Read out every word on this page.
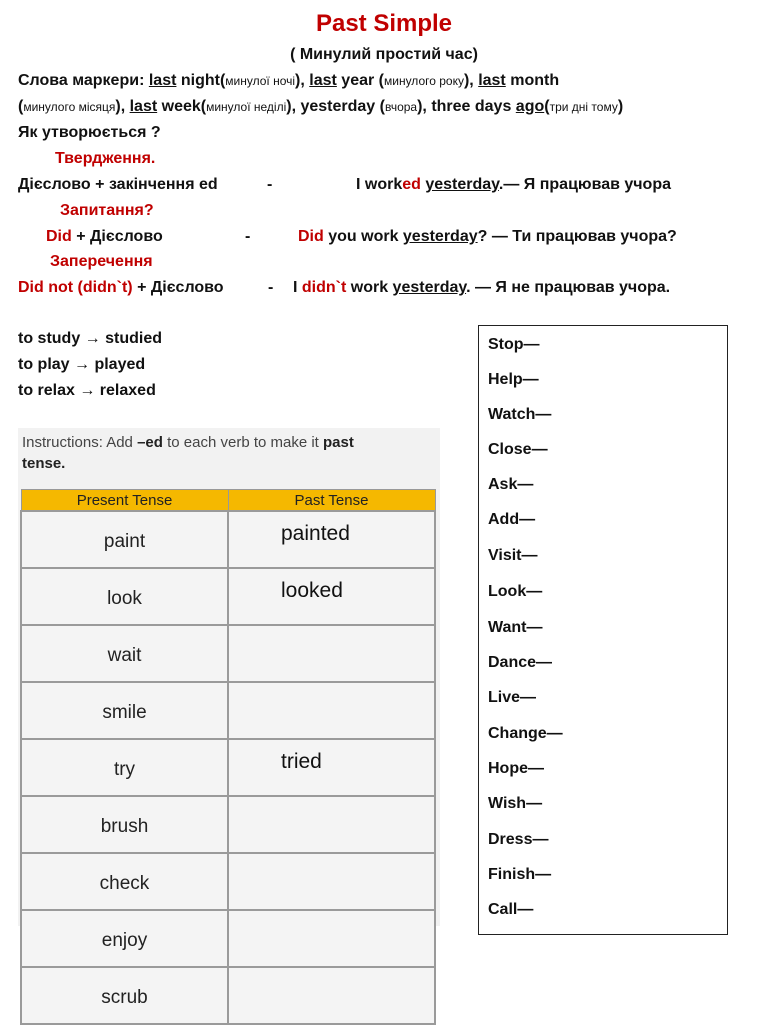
Past Simple
( Минулий простий час)
Слова маркери: last night(минулої ночі), last year (минулого року), last month
(минулого місяця), last week(минулої неділі), yesterday (вчора), three days ago(три дні тому)
Як утворюється ?
Твердження.
Дієслово + закінчення ed	-	I worked yesterday.— Я працював учора
Запитання?
Did + Дієслово	-	Did you work yesterday? — Ти працював учора?
Заперечення
Did not (didn`t) + Дієслово	- I didn`t work yesterday. — Я не працював учора.
to study → studied
to play → played
to relax → relaxed
Instructions: Add –ed to each verb to make it past
tense.
Present Tense	Past Tense
paint	painted
look	looked
wait	
smile	
try	tried
brush	
check	
enjoy	
scrub	
Stop—
Help—
Watch—
Close—
Ask—
Add—
Visit—
Look—
Want—
Dance—
Live—
Change—
Hope—
Wish—
Dress—
Finish—
Call—
